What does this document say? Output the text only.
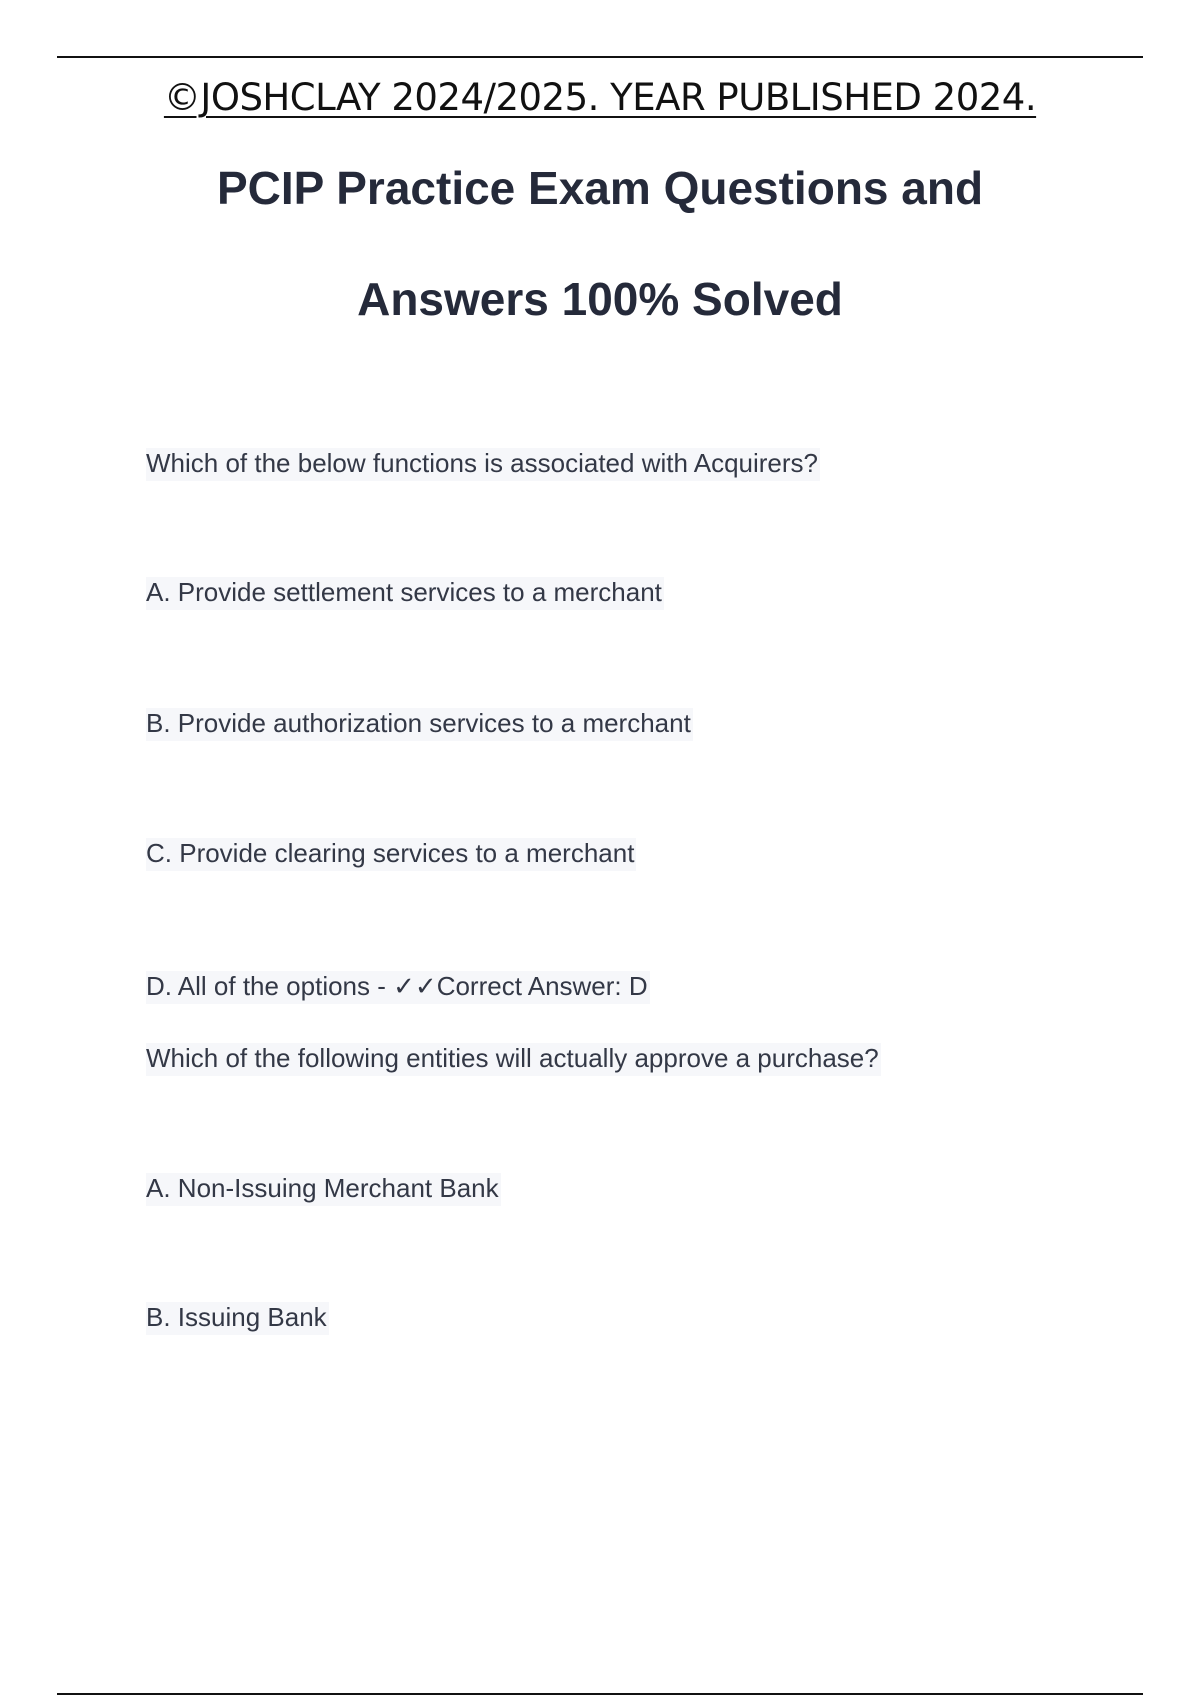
©JOSHCLAY 2024/2025. YEAR PUBLISHED 2024.
PCIP Practice Exam Questions and
Answers 100% Solved
Which of the below functions is associated with Acquirers?
A. Provide settlement services to a merchant
B. Provide authorization services to a merchant
C. Provide clearing services to a merchant
D. All of the options - ✓✓Correct Answer: D
Which of the following entities will actually approve a purchase?
A. Non-Issuing Merchant Bank
B. Issuing Bank
